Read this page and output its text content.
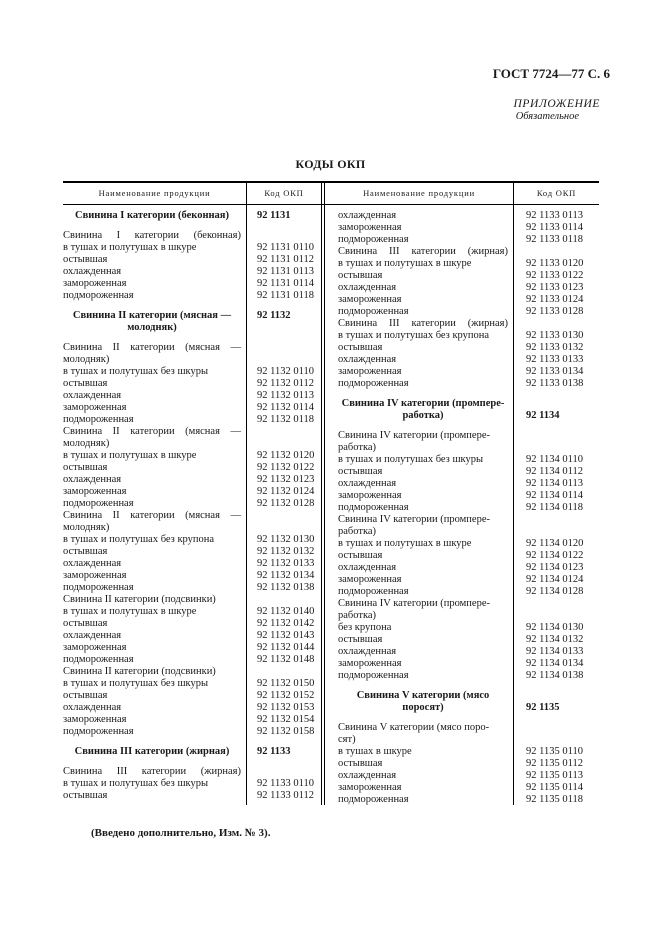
ГОСТ 7724—77 С. 6
ПРИЛОЖЕНИЕ
Обязательное
КОДЫ ОКП
Наименование продукции	Код ОКП	Наименование продукции	Код ОКП
Свинина I категории (беконная)	92 1131
Свинина I категории (беконная)
в тушах и полутушах в шкуре	92 1131 0110
остывшая	92 1131 0112
охлажденная	92 1131 0113
замороженная	92 1131 0114
подмороженная	92 1131 0118
Свинина II категории (мясная —	92 1132
молодняк)
Свинина II категории (мясная —
молодняк)
в тушах и полутушах без шкуры	92 1132 0110
остывшая	92 1132 0112
охлажденная	92 1132 0113
замороженная	92 1132 0114
подмороженная	92 1132 0118
Свинина II категории (мясная —
молодняк)
в тушах и полутушах в шкуре	92 1132 0120
остывшая	92 1132 0122
охлажденная	92 1132 0123
замороженная	92 1132 0124
подмороженная	92 1132 0128
Свинина II категории (мясная —
молодняк)
в тушах и полутушах без крупона	92 1132 0130
остывшая	92 1132 0132
охлажденная	92 1132 0133
замороженная	92 1132 0134
подмороженная	92 1132 0138
Свинина II категории (подсвинки)
в тушах и полутушах в шкуре	92 1132 0140
остывшая	92 1132 0142
охлажденная	92 1132 0143
замороженная	92 1132 0144
подмороженная	92 1132 0148
Свинина II категории (подсвинки)
в тушах и полутушах без шкуры	92 1132 0150
остывшая	92 1132 0152
охлажденная	92 1132 0153
замороженная	92 1132 0154
подмороженная	92 1132 0158
Свинина III категории (жирная)	92 1133
Свинина III категории (жирная)
в тушах и полутушах без шкуры	92 1133 0110
остывшая	92 1133 0112
охлажденная	92 1133 0113
замороженная	92 1133 0114
подмороженная	92 1133 0118
Свинина III категории (жирная)
в тушах и полутушах в шкуре	92 1133 0120
остывшая	92 1133 0122
охлажденная	92 1133 0123
замороженная	92 1133 0124
подмороженная	92 1133 0128
Свинина III категории (жирная)
в тушах и полутушах без крупона	92 1133 0130
остывшая	92 1133 0132
охлажденная	92 1133 0133
замороженная	92 1133 0134
подмороженная	92 1133 0138
Свинина IV категории (промпере-
работка)	92 1134
Свинина IV категории (промпере-
работка)
в тушах и полутушах без шкуры	92 1134 0110
остывшая	92 1134 0112
охлажденная	92 1134 0113
замороженная	92 1134 0114
подмороженная	92 1134 0118
Свинина IV категории (промпере-
работка)
в тушах и полутушах в шкуре	92 1134 0120
остывшая	92 1134 0122
охлажденная	92 1134 0123
замороженная	92 1134 0124
подмороженная	92 1134 0128
Свинина IV категории (промпере-
работка)
без крупона	92 1134 0130
остывшая	92 1134 0132
охлажденная	92 1134 0133
замороженная	92 1134 0134
подмороженная	92 1134 0138
Свинина V категории (мясо
поросят)	92 1135
Свинина V категории (мясо поро-
сят)
в тушах в шкуре	92 1135 0110
остывшая	92 1135 0112
охлажденная	92 1135 0113
замороженная	92 1135 0114
подмороженная	92 1135 0118
(Введено дополнительно, Изм. № 3).
